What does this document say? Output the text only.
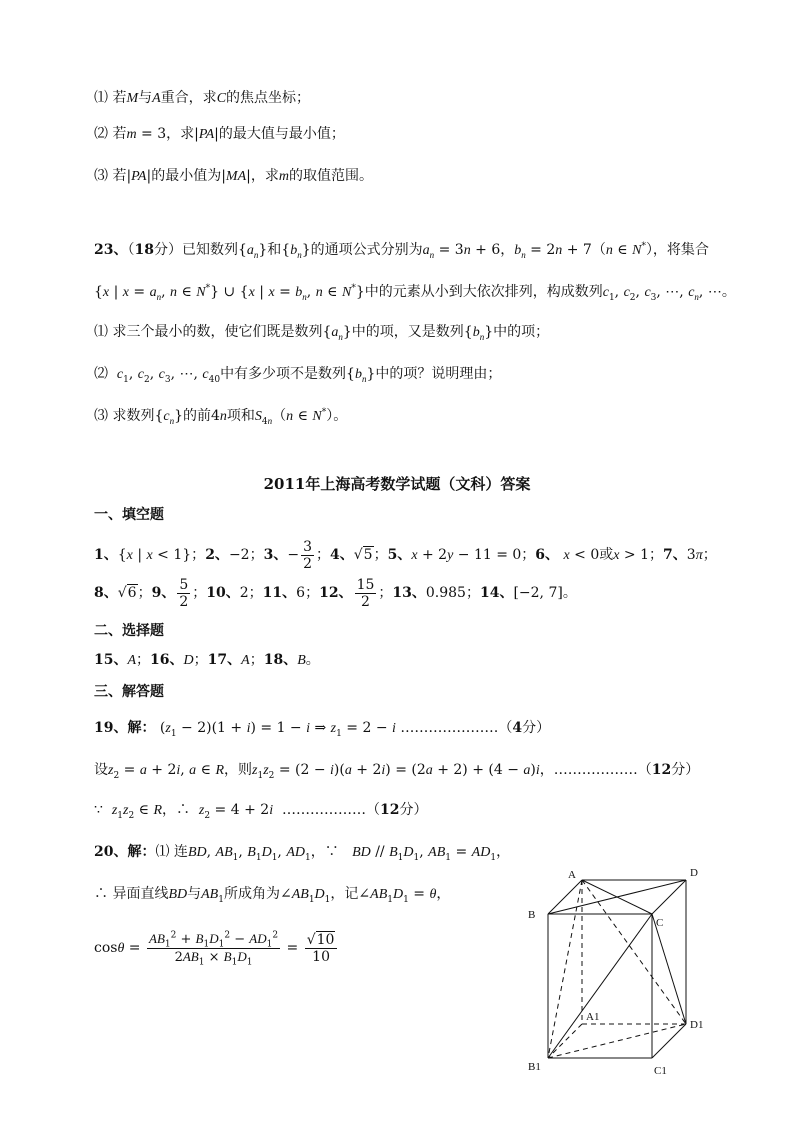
⑴ 若M与A重合，求C的焦点坐标；
⑵ 若m = 3，求|PA|的最大值与最小值；
⑶ 若|PA|的最小值为|MA|，求m的取值范围。
23、（18分）已知数列$\{a_n\}$和$\{b_n\}$的通项公式分别为$a_n = 3n + 6$，$b_n = 2n + 7(n$ ∈ N*），将集合
{x | $x = a_n$, n ∈ N*} ∪ {x | $x = b_n$, n ∈ N*}中的元素从小到大依次排列，构成数列$c_1$, $c_2$, $c_3$, ⋯, $c_n$, ⋯。
⑴ 求三个最小的数，使它们既是数列$\{a_n\}$中的项，又是数列$\{b_n\}$中的项；
⑵  $c_1$, $c_2$, $c_3$, ⋯, $c_{40}$中有多少项不是数列$\{b_n\}$中的项？说明理由；
⑶ 求数列$\{c_n\}$的前4n项和$S_{4n}(n$ ∈ N*）。
2011年上海高考数学试题（文科）答案
一、填空题
1、{x | x < 1}；2、−2；3、− $\frac{3}{2}$ ；4、√5；5、x + 2y − 11 = 0；6、 x < 0或x > 1；7、3π；
8、√6；9、 $\frac{5}{2}$ ；10、2；11、6；12、 $\frac{15}{2}$ ；13、0.985；14、[−2, 7]。
二、选择题
15、A；16、D；17、A；18、B。
三、解答题
19、解： $(z_1 - 2)(1 + i) = 1 - i$ ⇒ $z_1 = 2 - i$ …………………（4分）
设$z_2 = a + 2i$, a ∈ R，则$z_1z_2 = (2 - i)(a + 2i) = (2a + 2) + (4 - a)i$，………………（12分）
∵  $z_1z_2$ ∈ R，∴  $z_2 = 4 + 2i$  ………………（12分）
20、解：⑴ 连BD, $AB_1$, $B_1D_1$, $AD_1$，∵   BD // $B_1D_1$, $AB_1 = AD_1$，
∴ 异面直线BD与$AB_1$所成角为$\angle AB_1D_1$，记$\angle AB_1D_1 = \theta$，
$\cos\theta = \frac{AB_1^2 + B_1D_1^2 - AD_1^2}{2AB_1 \times B_1D_1} = \frac{√10}{10}$
A	D
B
C
A1
D1
B1	C1
